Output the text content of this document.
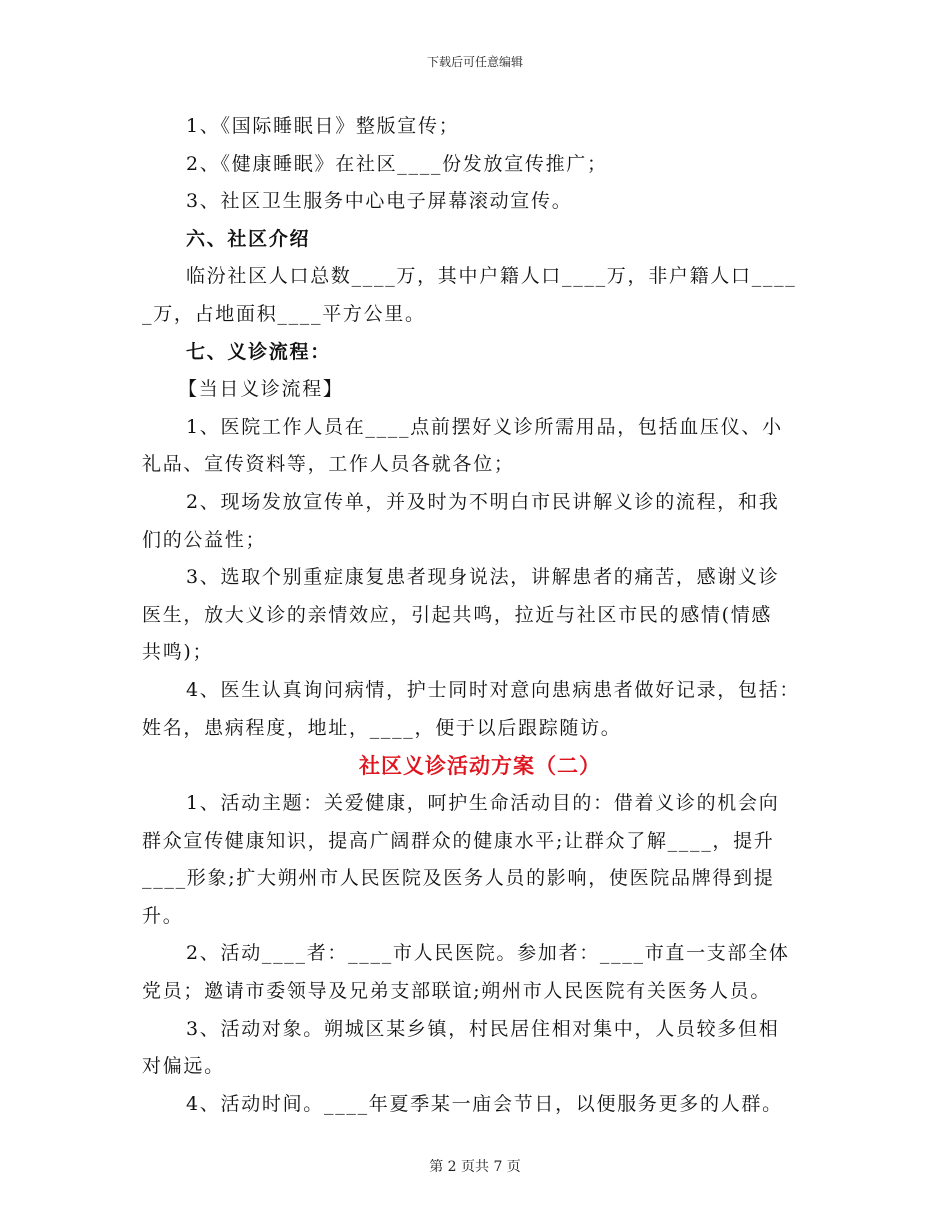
下载后可任意编辑
1、《国际睡眠日》整版宣传；
2、《健康睡眠》在社区____份发放宣传推广；
3、社区卫生服务中心电子屏幕滚动宣传。
六、社区介绍
临汾社区人口总数____万，其中户籍人口____万，非户籍人口____
_万，占地面积____平方公里。
七、义诊流程：
【当日义诊流程】
1、医院工作人员在____点前摆好义诊所需用品，包括血压仪、小
礼品、宣传资料等，工作人员各就各位；
2、现场发放宣传单，并及时为不明白市民讲解义诊的流程，和我
们的公益性；
3、选取个别重症康复患者现身说法，讲解患者的痛苦，感谢义诊
医生，放大义诊的亲情效应，引起共鸣，拉近与社区市民的感情(情感
共鸣)；
4、医生认真询问病情，护士同时对意向患病患者做好记录，包括：
姓名，患病程度，地址，____，便于以后跟踪随访。
社区义诊活动方案（二）
1、活动主题：关爱健康，呵护生命活动目的：借着义诊的机会向
群众宣传健康知识，提高广阔群众的健康水平;让群众了解____，提升
____形象;扩大朔州市人民医院及医务人员的影响，使医院品牌得到提
升。
2、活动____者：____市人民医院。参加者：____市直一支部全体
党员；邀请市委领导及兄弟支部联谊;朔州市人民医院有关医务人员。
3、活动对象。朔城区某乡镇，村民居住相对集中，人员较多但相
对偏远。
4、活动时间。____年夏季某一庙会节日，以便服务更多的人群。
第 2 页共 7 页
